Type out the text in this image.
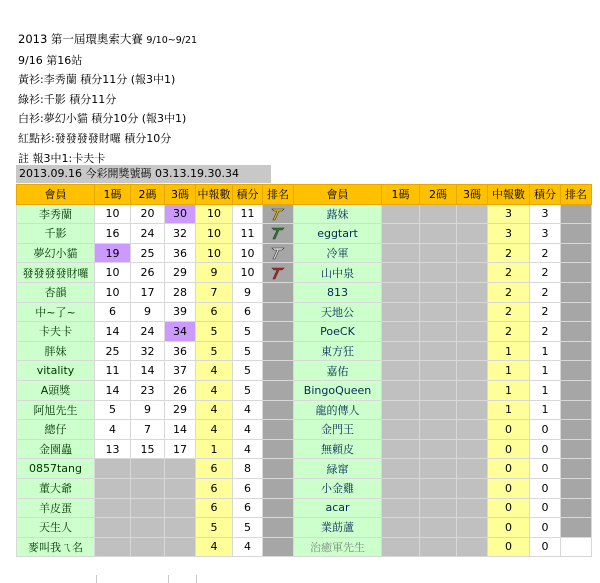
2013 第一屆環奧索大賽 9/10~9/21
9/16 第16站
黃衫:李秀蘭 積分11分 (報3中1)
綠衫:千影 積分11分
白衫:夢幻小貓 積分10分 (報3中1)
紅點衫:發發發發財囉 積分10分
註 報3中1:卡夫卡
2013.09.16 今彩開獎號碼 03.13.19.30.34
會員	1碼	2碼	3碼	中報數	積分	排名	會員	1碼	2碼	3碼	中報數	積分	排名
李秀蘭	10	20	30	10	11		蕗妹				3	3	
千影	16	24	32	10	11		eggtart				3	3	
夢幻小貓	19	25	36	10	10		冷軍				2	2	
發發發發財囉	10	26	29	9	10		山中泉				2	2	
杏韻	10	17	28	7	9		813				2	2	
中~了~	6	9	39	6	6		天地公				2	2	
卡夫卡	14	24	34	5	5		PoeCK				2	2	
胖妹	25	32	36	5	5		東方狂				1	1	
vitality	11	14	37	4	5		嘉佑				1	1	
A頭獎	14	23	26	4	5		BingoQueen				1	1	
阿旭先生	5	9	29	4	4		龍的傳人				1	1	
總仔	4	7	14	4	4		金門王				0	0	
金園蟲	13	15	17	1	4		無頼皮				0	0	
0857tang				6	8		緑窜				0	0	
董大爺				6	6		小金雞				0	0	
羊皮蛋				6	6		acar				0	0	
天生人				5	5		業莇蘆				0	0	
麥叫我ㄟ名				4	4		治癒軍先生				0	0	
